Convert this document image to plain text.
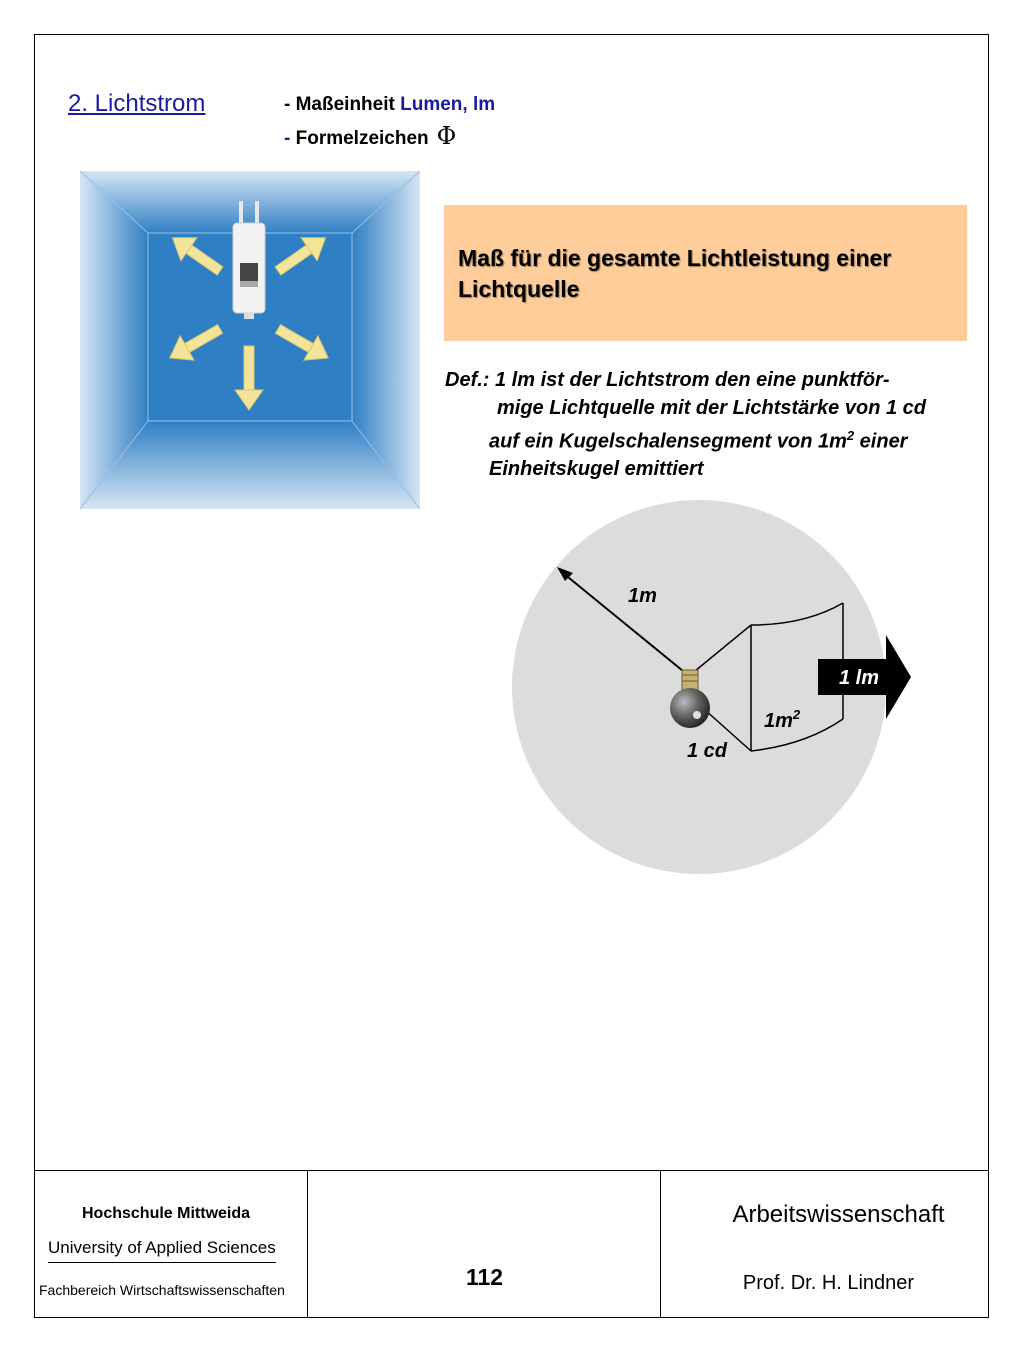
2. Lichtstrom	- Maßeinheit Lumen, lm
- Formelzeichen Φ
Maß für die gesamte Lichtleistung einer
Lichtquelle
Def.: 1 lm ist der Lichtstrom den eine punktför-
mige Lichtquelle mit der Lichtstärke von 1 cd
auf ein Kugelschalensegment von $1m^2$ einer
Einheitskugel emittiert
1m
$1m^2$
1 cd
1 lm
Hochschule Mittweida
University of Applied Sciences
Fachbereich Wirtschaftswissenschaften	112
Arbeitswissenschaft
Prof. Dr. H. Lindner
